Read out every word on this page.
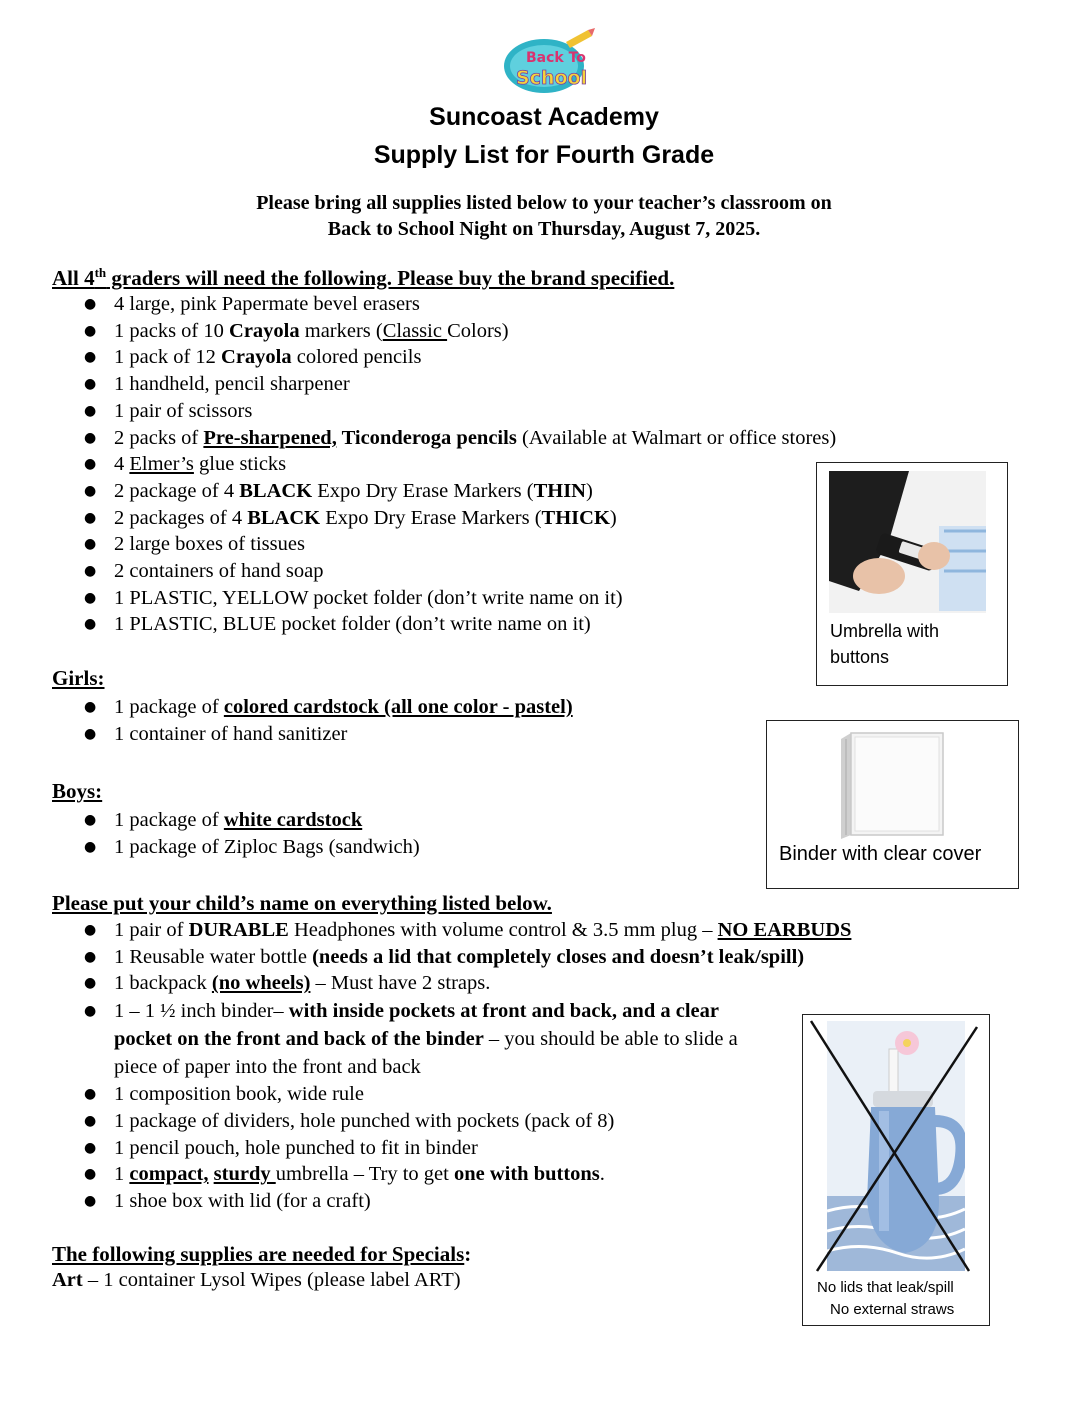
Back To
School
Suncoast Academy
Supply List for Fourth Grade
Please bring all supplies listed below to your teacher’s classroom on
Back to School Night on Thursday, August 7, 2025.
All 4th graders will need the following. Please buy the brand specified.
● 4 large, pink Papermate bevel erasers
● 1 packs of 10 Crayola markers (Classic Colors)
● 1 pack of 12 Crayola colored pencils
● 1 handheld, pencil sharpener
● 1 pair of scissors
● 2 packs of Pre-sharpened, Ticonderoga pencils (Available at Walmart or office stores)
● 4 Elmer’s glue sticks
● 2 package of 4 BLACK Expo Dry Erase Markers (THIN)
● 2 packages of 4 BLACK Expo Dry Erase Markers (THICK)
● 2 large boxes of tissues
● 2 containers of hand soap
● 1 PLASTIC, YELLOW pocket folder (don’t write name on it)
● 1 PLASTIC, BLUE pocket folder (don’t write name on it)
Girls:
● 1 package of colored cardstock (all one color - pastel)
● 1 container of hand sanitizer
Boys:
● 1 package of white cardstock
● 1 package of Ziploc Bags (sandwich)
Please put your child’s name on everything listed below.
● 1 pair of DURABLE Headphones with volume control & 3.5 mm plug – NO EARBUDS
● 1 Reusable water bottle (needs a lid that completely closes and doesn’t leak/spill)
● 1 backpack (no wheels) – Must have 2 straps.
● 1 – 1 ½ inch binder– with inside pockets at front and back, and a clear pocket on the front and back of the binder – you should be able to slide a piece of paper into the front and back
● 1 composition book, wide rule
● 1 package of dividers, hole punched with pockets (pack of 8)
● 1 pencil pouch, hole punched to fit in binder
● 1 compact, sturdy umbrella – Try to get one with buttons.
● 1 shoe box with lid (for a craft)
The following supplies are needed for Specials:
Art – 1 container Lysol Wipes (please label ART)
Umbrella with
buttons
Binder with clear cover
No lids that leak/spill
No external straws
